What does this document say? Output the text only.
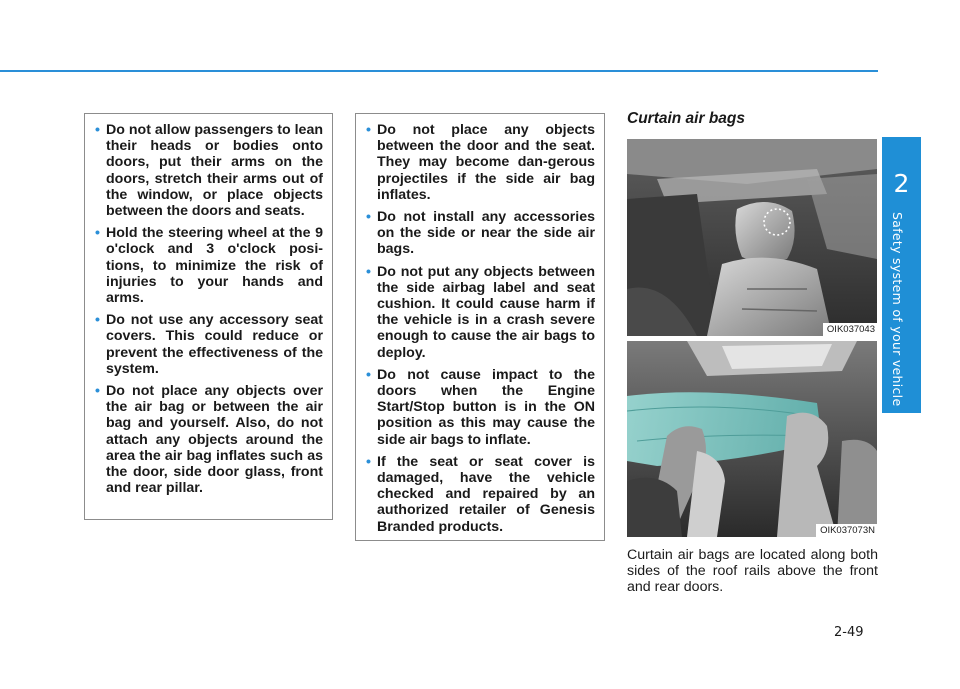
2
Safety system of your vehicle
• Do not allow passengers to lean their heads or bodies onto doors, put their arms on the doors, stretch their arms out of the window, or place objects between the doors and seats.
• Hold the steering wheel at the 9 o'clock and 3 o'clock posi-tions, to minimize the risk of injuries to your hands and arms.
• Do not use any accessory seat covers. This could reduce or prevent the effectiveness of the system.
• Do not place any objects over the air bag or between the air bag and yourself. Also, do not attach any objects around the area the air bag inflates such as the door, side door glass, front and rear pillar.
• Do not place any objects between the door and the seat. They may become dan-gerous projectiles if the side air bag inflates.
• Do not install any accessories on the side or near the side air bags.
• Do not put any objects between the side airbag label and seat cushion. It could cause harm if the vehicle is in a crash severe enough to cause the air bags to deploy.
• Do not cause impact to the doors when the Engine Start/Stop button is in the ON position as this may cause the side air bags to inflate.
• If the seat or seat cover is damaged, have the vehicle checked and repaired by an authorized retailer of Genesis Branded products.
Curtain air bags
OIK037043
OIK037073N
Curtain air bags are located along both sides of the roof rails above the front and rear doors.
2-49
